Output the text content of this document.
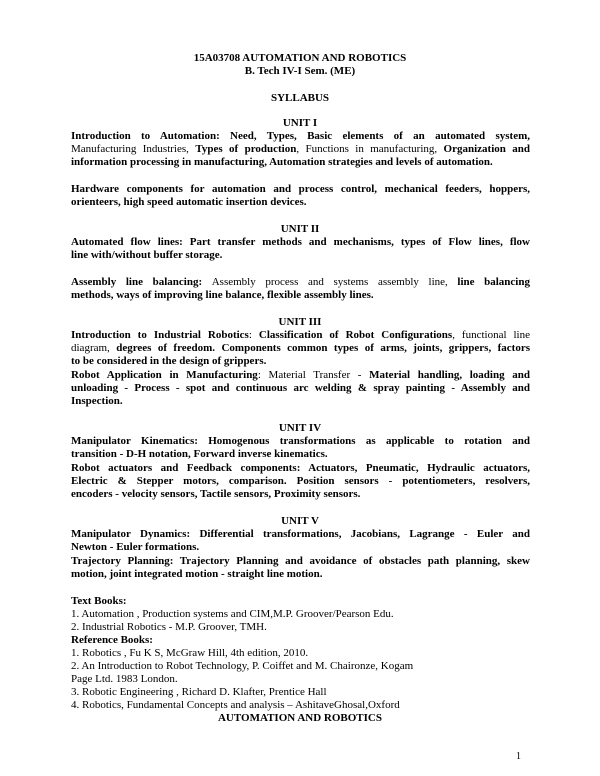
15A03708 AUTOMATION AND ROBOTICS
B. Tech IV-I Sem. (ME)
SYLLABUS
UNIT I
Introduction to Automation: Need, Types, Basic elements of an automated system,
Manufacturing Industries, Types of production, Functions in manufacturing, Organization and
information processing in manufacturing, Automation strategies and levels of automation.
Hardware components for automation and process control, mechanical feeders, hoppers,
orienteers, high speed automatic insertion devices.
UNIT II
Automated flow lines: Part transfer methods and mechanisms, types of Flow lines, flow
line with/without buffer storage.
Assembly line balancing: Assembly process and systems assembly line, line balancing
methods, ways of improving line balance, flexible assembly lines.
UNIT III
Introduction to Industrial Robotics: Classification of Robot Configurations, functional line
diagram, degrees of freedom. Components common types of arms, joints, grippers, factors
to be considered in the design of grippers.
Robot Application in Manufacturing: Material Transfer - Material handling, loading and
unloading - Process - spot and continuous arc welding & spray painting - Assembly and
Inspection.
UNIT IV
Manipulator Kinematics: Homogenous transformations as applicable to rotation and
transition - D-H notation, Forward inverse kinematics.
Robot actuators and Feedback components: Actuators, Pneumatic, Hydraulic actuators,
Electric & Stepper motors, comparison. Position sensors - potentiometers, resolvers,
encoders - velocity sensors, Tactile sensors, Proximity sensors.
UNIT V
Manipulator Dynamics: Differential transformations, Jacobians, Lagrange - Euler and
Newton - Euler formations.
Trajectory Planning: Trajectory Planning and avoidance of obstacles path planning, skew
motion, joint integrated motion - straight line motion.
Text Books:
1. Automation , Production systems and CIM,M.P. Groover/Pearson Edu.
2. Industrial Robotics - M.P. Groover, TMH.
Reference Books:
1. Robotics , Fu K S, McGraw Hill, 4th edition, 2010.
2. An Introduction to Robot Technology, P. Coiffet and M. Chaironze, Kogam
Page Ltd. 1983 London.
3. Robotic Engineering , Richard D. Klafter, Prentice Hall
4. Robotics, Fundamental Concepts and analysis – AshitaveGhosal,Oxford
AUTOMATION AND ROBOTICS
1
